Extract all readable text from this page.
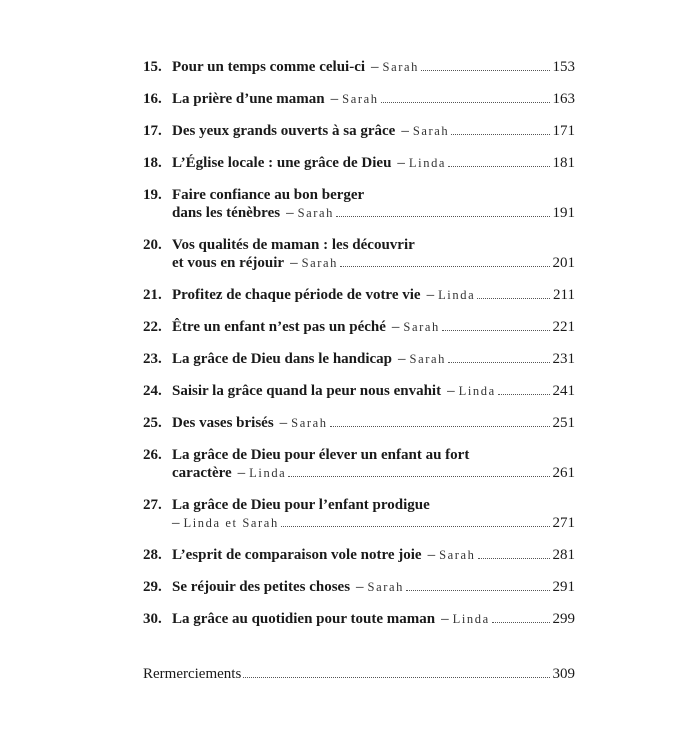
15. Pour un temps comme celui-ci – Sarah	153
16. La prière d’une maman – Sarah	163
17. Des yeux grands ouverts à sa grâce – Sarah	171
18. L’Église locale : une grâce de Dieu – Linda	181
19. Faire confiance au bon berger
dans les ténèbres – Sarah	191
20. Vos qualités de maman : les découvrir
et vous en réjouir – Sarah	201
21. Profitez de chaque période de votre vie – Linda	211
22. Être un enfant n’est pas un péché – Sarah	221
23. La grâce de Dieu dans le handicap – Sarah	231
24. Saisir la grâce quand la peur nous envahit – Linda	241
25. Des vases brisés – Sarah	251
26. La grâce de Dieu pour élever un enfant au fort
caractère – Linda	261
27. La grâce de Dieu pour l’enfant prodigue
– Linda et Sarah	271
28. L’esprit de comparaison vole notre joie – Sarah	281
29. Se réjouir des petites choses – Sarah	291
30. La grâce au quotidien pour toute maman – Linda	299
Rermerciements	309
